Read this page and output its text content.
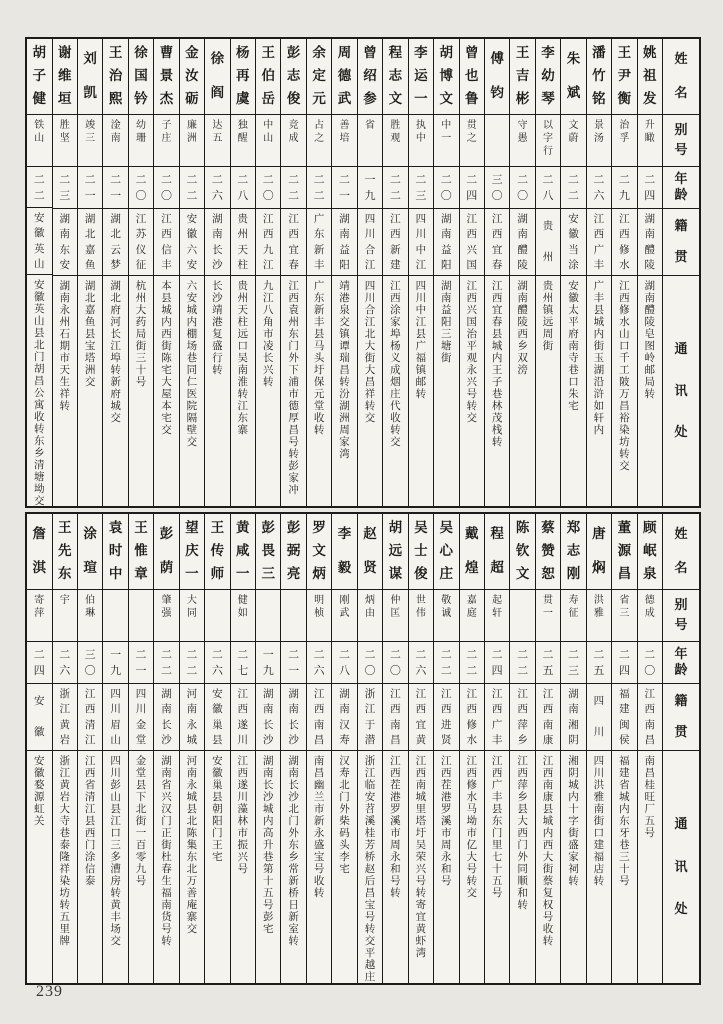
姓
名
别
号
年
龄
籍
贯
通
讯
处
姚
祖
发
升
瞰
二
四
湖
南
醴
陵
湖
南
醴
陵
皂
图
岭
邮
局
转
王
尹
衡
治
孚
二
九
江
西
修
水
江
西
修
水
山
口
千
工
陂
万
昌
裕
染
坊
转
交
潘
竹
铭
景
汤
二
六
江
西
广
丰
广
丰
县
城
内
街
玉
湖
沿
浒
如
轩
内
朱
斌
文
蔚
二
二
安
徽
当
涂
安
徽
太
平
府
南
寺
巷
口
朱
宅
李
幼
琴
以
字
行
二
八
贵
州
贵
州
镇
远
周
街
王
吉
彬
守
愚
二
〇
湖
南
醴
陵
湖
南
醴
陵
西
乡
双
滂
傅
钧
三
〇
江
西
宜
春
江
西
宜
春
县
城
内
王
子
巷
林
茂
栈
转
曾
也
鲁
贯
之
二
四
江
西
兴
国
江
西
兴
国
治
平
观
永
兴
号
转
交
胡
博
文
中
一
二
〇
湖
南
益
阳
湖
南
益
阳
三
塘
街
李
运
一
执
中
二
三
四
川
中
江
四
川
中
江
县
广
福
镇
邮
转
程
志
文
胜
观
二
二
江
西
新
建
江
西
涂
家
埠
杨
义
成
烟
庄
代
收
转
交
曾
绍
参
省
一
九
四
川
合
江
四
川
合
江
北
大
街
大
昌
祥
转
交
周
德
武
善
培
二
一
湖
南
益
阳
靖
港
泉
交
镇
谭
瑞
昌
转
汾
湖
洲
周
家
湾
余
定
元
占
之
二
二
广
东
新
丰
广
东
新
丰
县
马
头
圩
保
元
堂
收
转
彭
志
俊
竞
成
二
二
江
西
宜
春
江
西
袁
州
东
门
外
下
浦
市
德
厚
昌
号
转
彭
家
冲
王
伯
岳
中
山
二
〇
江
西
九
江
九
江
八
角
市
凌
长
兴
转
杨
再
虞
独
醒
二
八
贵
州
天
柱
贵
州
天
柱
远
口
吴
南
淮
转
江
东
寨
徐
阎
达
五
二
六
湖
南
长
沙
长
沙
靖
港
复
盛
行
转
金
汝
砺
廉
洲
二
二
安
徽
六
安
六
安
城
内
棚
场
巷
同
仁
医
院
隔
壁
交
曹
景
杰
子
庄
二
〇
江
西
信
丰
本
县
城
内
西
街
陈
宅
大
屋
本
宅
交
徐
国
钤
幼
珊
二
〇
江
苏
仪
征
杭
州
大
药
局
街
三
十
号
王
治
熙
淦
南
二
一
湖
北
云
梦
湖
北
府
河
长
江
埠
转
新
府
城
交
刘
凯
竣
三
二
一
湖
北
嘉
鱼
湖
北
嘉
鱼
县
宝
塔
洲
交
谢
维
垣
胜
坚
二
三
湖
南
东
安
湖
南
永
州
石
期
市
天
生
祥
转
胡
子
健
铁
山
二
二
安
徽
英
山
安
徽
英
山
县
北
门
胡
昌
公
寓
收
转
东
乡
清
塘
坳
交
姓
名
别
号
年
龄
籍
贯
通
讯
处
顾
岷
泉
德
成
二
〇
江
西
南
昌
南
昌
桂
旺
厂
五
号
董
源
昌
省
三
二
四
福
建
闽
侯
福
建
省
城
内
东
牙
巷
三
十
号
唐
焖
洪
雅
二
五
四
川
四
川
洪
雅
南
街
口
建
福
店
转
郑
志
刚
寿
征
二
三
湖
南
湘
阴
湘
阴
城
内
十
字
街
盛
家
祠
转
蔡
赞
恕
贯
一
二
五
江
西
南
康
江
西
南
康
县
城
内
西
大
街
蔡
复
权
号
收
转
陈
钦
文
二
二
江
西
萍
乡
江
西
萍
乡
县
大
西
门
外
同
顺
和
转
程
超
起
轩
二
四
江
西
广
丰
江
西
广
丰
县
东
门
里
七
十
五
号
戴
煌
嘉
庭
二
二
江
西
修
水
江
西
修
水
马
坳
市
亿
大
号
转
交
吴
心
庄
敬
诚
二
二
江
西
进
贤
江
西
茬
港
罗
溪
市
周
永
和
号
吴
士
俊
世
伟
二
六
江
西
宜
黄
江
西
南
城
里
塔
圩
吴
荣
兴
号
转
寄
宜
黄
虾
湾
胡
远
谋
仲
匡
二
〇
江
西
南
昌
江
西
茬
港
罗
溪
市
周
永
和
号
转
赵
贤
炳
由
二
〇
浙
江
于
潜
浙
江
临
安
苕
溪
桂
芳
桥
赵
后
昌
宝
号
转
交
平
越
庄
李
毅
刚
武
二
八
湖
南
汉
寿
汉
寿
北
门
外
柴
码
头
李
宅
罗
文
炳
明
桢
二
六
江
西
南
昌
南
昌
幽
兰
市
新
永
盛
宝
号
收
转
彭
弼
亮
二
一
湖
南
长
沙
湖
南
长
沙
北
门
外
东
乡
常
新
桥
日
新
室
转
彭
畏
三
一
九
湖
南
长
沙
湖
南
长
沙
城
内
高
升
巷
第
十
五
号
彭
宅
黄
咸
一
健
如
二
七
江
西
遂
川
江
西
遂
川
藻
林
市
振
兴
号
王
传
师
二
六
安
徽
巢
县
安
徽
巢
县
朝
阳
门
王
宅
望
庆
一
大
同
二
二
河
南
永
城
河
南
永
城
县
北
陈
集
东
北
万
善
庵
寨
交
彭
荫
肇
强
二
二
湖
南
长
沙
湖
南
省
兴
汉
门
正
街
杜
春
生
福
南
货
号
转
王
惟
章
二
一
四
川
金
堂
金
堂
县
下
北
街
一
百
零
九
号
袁
时
中
一
九
四
川
眉
山
四
川
彭
山
县
江
口
三
多
漕
房
转
黄
丰
场
交
涂
瑄
伯
琳
三
〇
江
西
清
江
江
西
省
清
江
县
西
门
涂
信
泰
王
先
东
宇
二
六
浙
江
黄
岩
浙
江
黄
岩
大
寺
巷
泰
隆
祥
染
坊
转
五
里
牌
詹
淇
寄
萍
二
四
安
徽
安
徽
婺
源
虹
关
239
